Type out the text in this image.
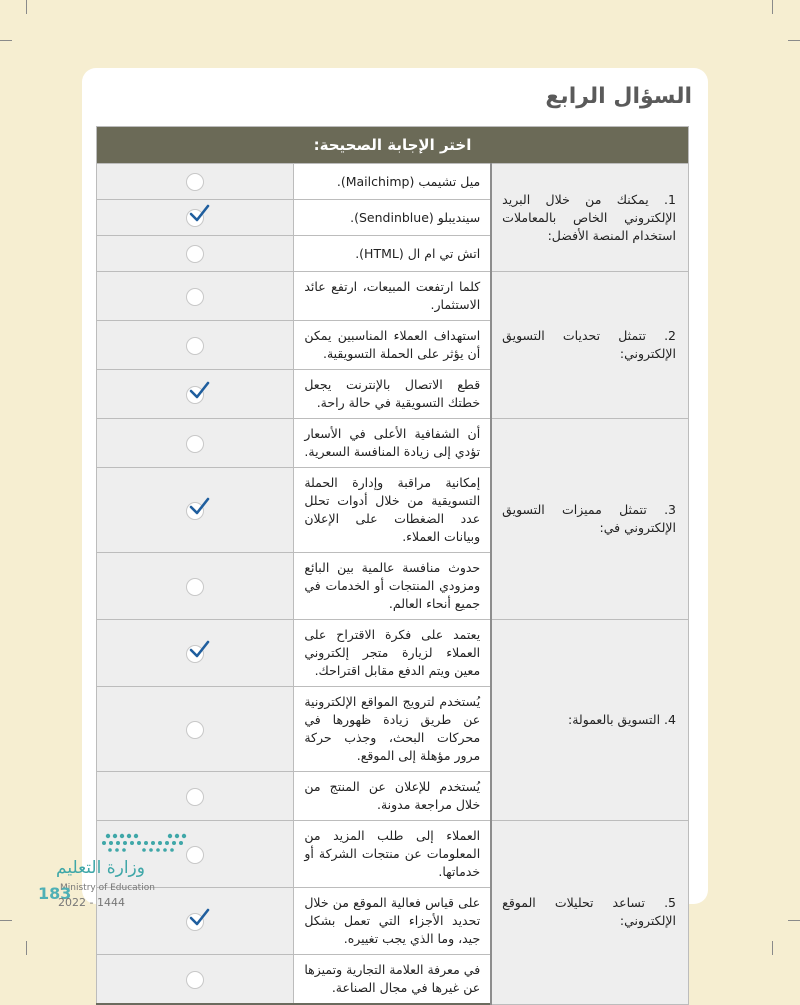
السؤال الرابع
اختر الإجابة الصحيحة:		
1. يمكنك من خلال البريد الإلكتروني الخاص بالمعاملات استخدام المنصة الأفضل:	ميل تشيمب (Mailchimp).	
	سينديبلو (Sendinblue).	

	اتش تي ام ال (HTML).	
2. تتمثل تحديات التسويق الإلكتروني:	كلما ارتفعت المبيعات، ارتفع عائد الاستثمار.	
	استهداف العملاء المناسبين يمكن أن يؤثر على الحملة التسويقية.	
	قطع الاتصال بالإنترنت يجعل خطتك التسويقية في حالة راحة.	

3. تتمثل مميزات التسويق الإلكتروني في:	أن الشفافية الأعلى في الأسعار تؤدي إلى زيادة المنافسة السعرية.	
	إمكانية مراقبة وإدارة الحملة التسويقية من خلال أدوات تحلل عدد الضغطات على الإعلان وبيانات العملاء.	

	حدوث منافسة عالمية بين البائع ومزودي المنتجات أو الخدمات في جميع أنحاء العالم.	
4. التسويق بالعمولة:	يعتمد على فكرة الاقتراح على العملاء لزيارة متجر إلكتروني معين ويتم الدفع مقابل اقتراحك.	

	يُستخدم لترويج المواقع الإلكترونية عن طريق زيادة ظهورها في محركات البحث، وجذب حركة مرور مؤهلة إلى الموقع.	
	يُستخدم للإعلان عن المنتج من خلال مراجعة مدونة.	
5. تساعد تحليلات الموقع الإلكتروني:	العملاء إلى طلب المزيد من المعلومات عن منتجات الشركة أو خدماتها.	
	على قياس فعالية الموقع من خلال تحديد الأجزاء التي تعمل بشكل جيد، وما الذي يجب تغييره.	

	في معرفة العلامة التجارية وتميزها عن غيرها في مجال الصناعة.	
وزارة التعليم
Ministry of Education
183
2022 - 1444
